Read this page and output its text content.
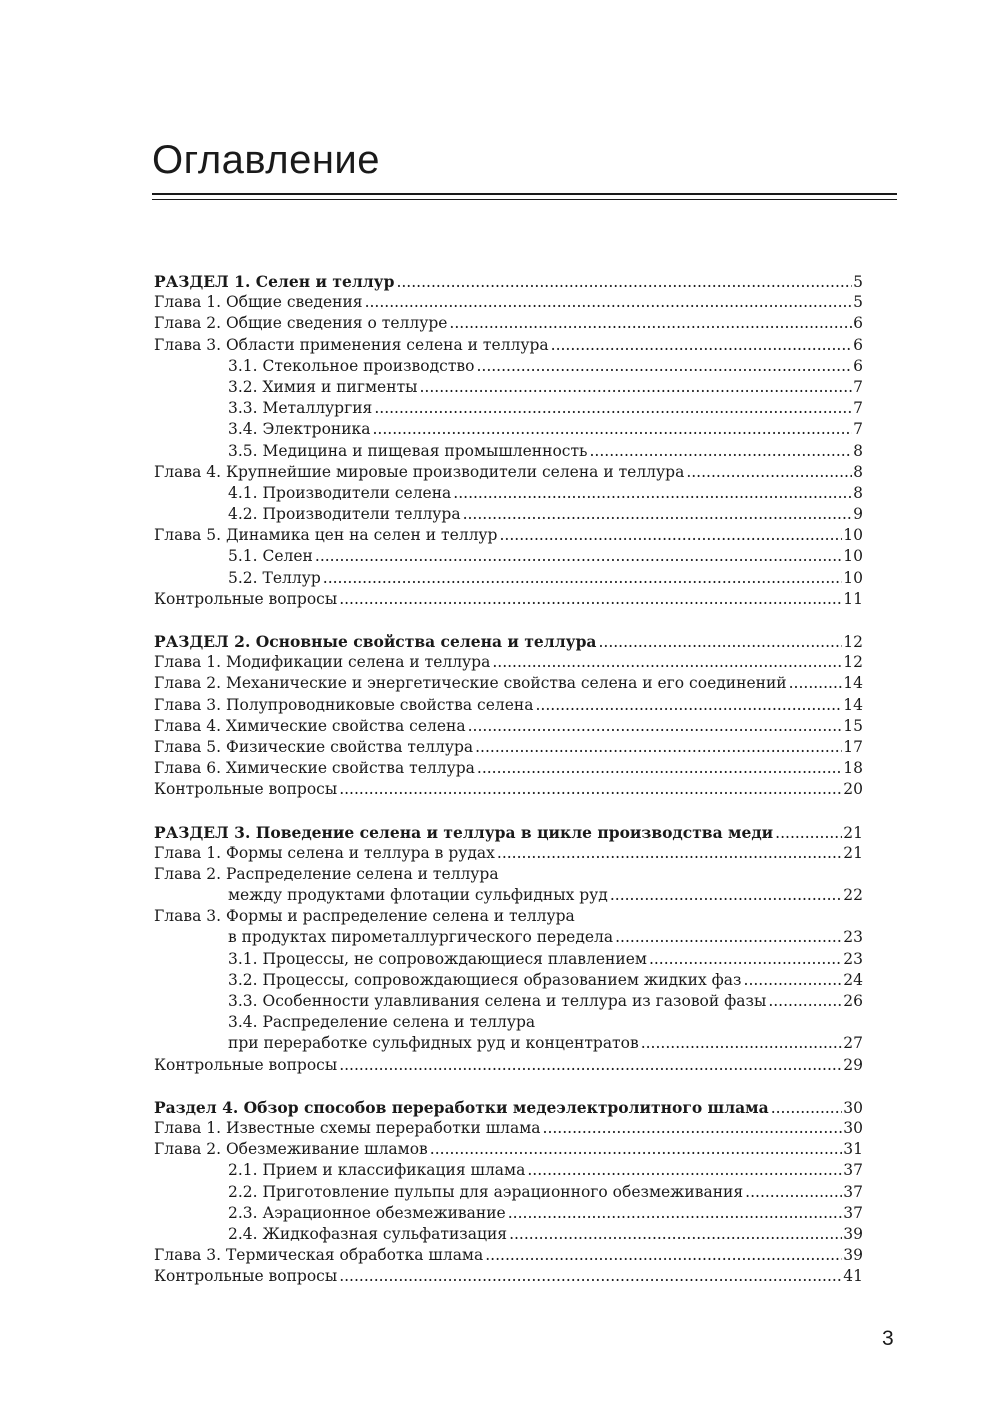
Оглавление
РАЗДЕЛ 1. Селен и теллур .....	5
Глава 1. Общие сведения .....	5
Глава 2. Общие сведения о теллуре .....	6
Глава 3. Области применения селена и теллура .....	6
3.1. Стекольное производство .....	6
3.2. Химия и пигменты .....	7
3.3. Металлургия .....	7
3.4. Электроника .....	7
3.5. Медицина и пищевая промышленность .....	8
Глава 4. Крупнейшие мировые производители селена и теллура .....	8
4.1. Производители селена .....	8
4.2. Производители теллура .....	9
Глава 5. Динамика цен на селен и теллур .....	10
5.1. Селен .....	10
5.2. Теллур .....	10
Контрольные вопросы .....	11
РАЗДЕЛ 2. Основные свойства селена и теллура .....	12
Глава 1. Модификации селена и теллура .....	12
Глава 2. Механические и энергетические свойства селена и его соединений .....	14
Глава 3. Полупроводниковые свойства селена .....	14
Глава 4. Химические свойства селена .....	15
Глава 5. Физические свойства теллура .....	17
Глава 6. Химические свойства теллура .....	18
Контрольные вопросы .....	20
РАЗДЕЛ 3. Поведение селена и теллура в цикле производства меди .....	21
Глава 1. Формы селена и теллура в рудах .....	21
Глава 2. Распределение селена и теллура
между продуктами флотации сульфидных руд .....	22
Глава 3. Формы и распределение селена и теллура
в продуктах пирометаллургического передела .....	23
3.1. Процессы, не сопровождающиеся плавлением .....	23
3.2. Процессы, сопровождающиеся образованием жидких фаз .....	24
3.3. Особенности улавливания селена и теллура из газовой фазы .....	26
3.4. Распределение селена и теллура
при переработке сульфидных руд и концентратов .....	27
Контрольные вопросы .....	29
Раздел 4. Обзор способов переработки медеэлектролитного шлама .....	30
Глава 1. Известные схемы переработки шлама .....	30
Глава 2. Обезмеживание шламов .....	31
2.1. Прием и классификация шлама .....	37
2.2. Приготовление пульпы для аэрационного обезмеживания .....	37
2.3. Аэрационное обезмеживание .....	37
2.4. Жидкофазная сульфатизация .....	39
Глава 3. Термическая обработка шлама .....	39
Контрольные вопросы .....	41
3
